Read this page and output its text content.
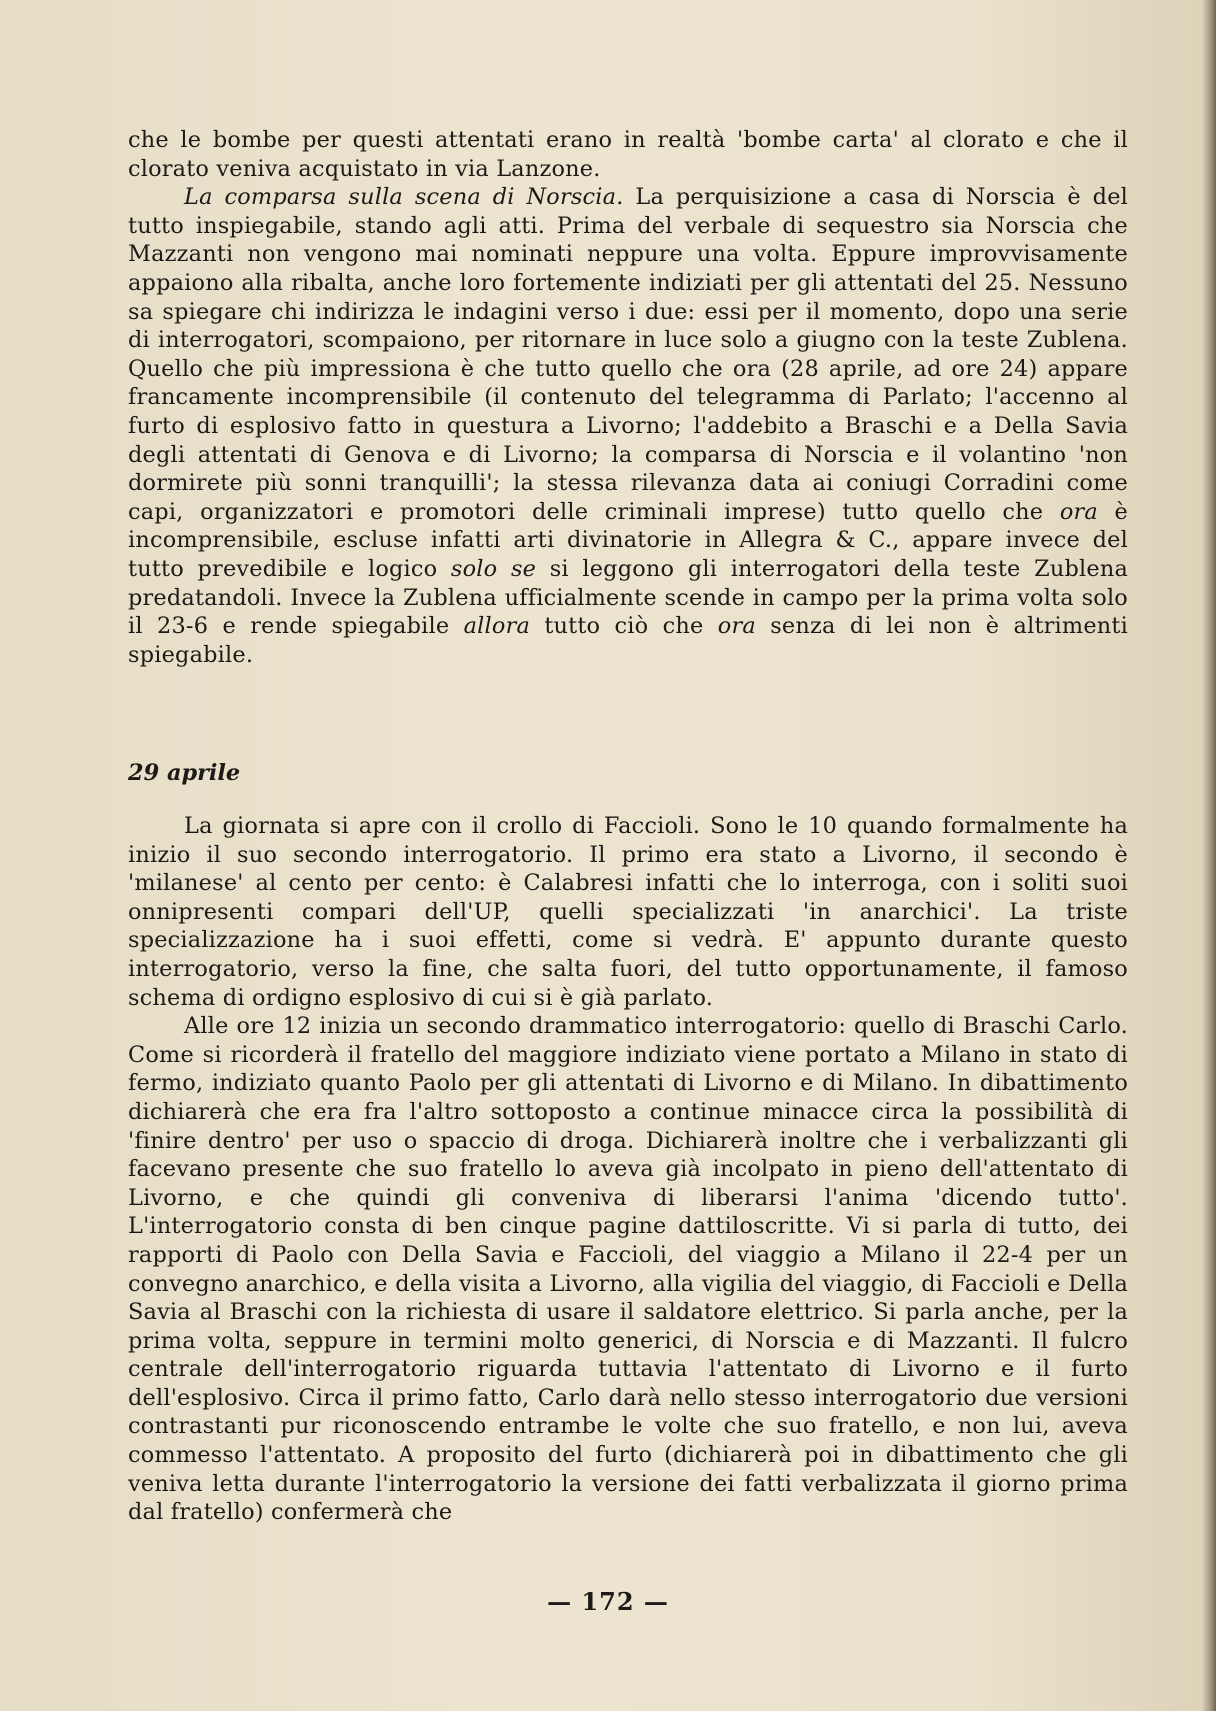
che le bombe per questi attentati erano in realtà 'bombe carta' al clorato e che il clorato veniva acquistato in via Lanzone.

La comparsa sulla scena di Norscia. La perquisizione a casa di Norscia è del tutto inspiegabile, stando agli atti. Prima del verbale di sequestro sia Norscia che Mazzanti non vengono mai nominati neppure una volta. Eppure improvvisamente appaiono alla ribalta, anche loro fortemente indiziati per gli attentati del 25. Nessuno sa spiegare chi indirizza le indagini verso i due: essi per il momento, dopo una serie di interrogatori, scompaiono, per ritornare in luce solo a giugno con la teste Zublena. Quello che più impressiona è che tutto quello che ora (28 aprile, ad ore 24) appare francamente incomprensibile (il contenuto del telegramma di Parlato; l'accenno al furto di esplosivo fatto in questura a Livorno; l'addebito a Braschi e a Della Savia degli attentati di Genova e di Livorno; la comparsa di Norscia e il volantino 'non dormirete più sonni tranquilli'; la stessa rilevanza data ai coniugi Corradini come capi, organizzatori e promotori delle criminali imprese) tutto quello che ora è incomprensibile, escluse infatti arti divinatorie in Allegra & C., appare invece del tutto prevedibile e logico solo se si leggono gli interrogatori della teste Zublena predatandoli. Invece la Zublena ufficialmente scende in campo per la prima volta solo il 23-6 e rende spiegabile allora tutto ciò che ora senza di lei non è altrimenti spiegabile.

29 aprile

La giornata si apre con il crollo di Faccioli. Sono le 10 quando formalmente ha inizio il suo secondo interrogatorio. Il primo era stato a Livorno, il secondo è 'milanese' al cento per cento: è Calabresi infatti che lo interroga, con i soliti suoi onnipresenti compari dell'UP, quelli specializzati 'in anarchici'. La triste specializzazione ha i suoi effetti, come si vedrà. E' appunto durante questo interrogatorio, verso la fine, che salta fuori, del tutto opportunamente, il famoso schema di ordigno esplosivo di cui si è già parlato.

Alle ore 12 inizia un secondo drammatico interrogatorio: quello di Braschi Carlo. Come si ricorderà il fratello del maggiore indiziato viene portato a Milano in stato di fermo, indiziato quanto Paolo per gli attentati di Livorno e di Milano. In dibattimento dichiarerà che era fra l'altro sottoposto a continue minacce circa la possibilità di 'finire dentro' per uso o spaccio di droga. Dichiarerà inoltre che i verbalizzanti gli facevano presente che suo fratello lo aveva già incolpato in pieno dell'attentato di Livorno, e che quindi gli conveniva di liberarsi l'anima 'dicendo tutto'. L'interrogatorio consta di ben cinque pagine dattiloscritte. Vi si parla di tutto, dei rapporti di Paolo con Della Savia e Faccioli, del viaggio a Milano il 22-4 per un convegno anarchico, e della visita a Livorno, alla vigilia del viaggio, di Faccioli e Della Savia al Braschi con la richiesta di usare il saldatore elettrico. Si parla anche, per la prima volta, seppure in termini molto generici, di Norscia e di Mazzanti. Il fulcro centrale dell'interrogatorio riguarda tuttavia l'attentato di Livorno e il furto dell'esplosivo. Circa il primo fatto, Carlo darà nello stesso interrogatorio due versioni contrastanti pur riconoscendo entrambe le volte che suo fratello, e non lui, aveva commesso l'attentato. A proposito del furto (dichiarerà poi in dibattimento che gli veniva letta durante l'interrogatorio la versione dei fatti verbalizzata il giorno prima dal fratello) confermerà che

— 172 —
